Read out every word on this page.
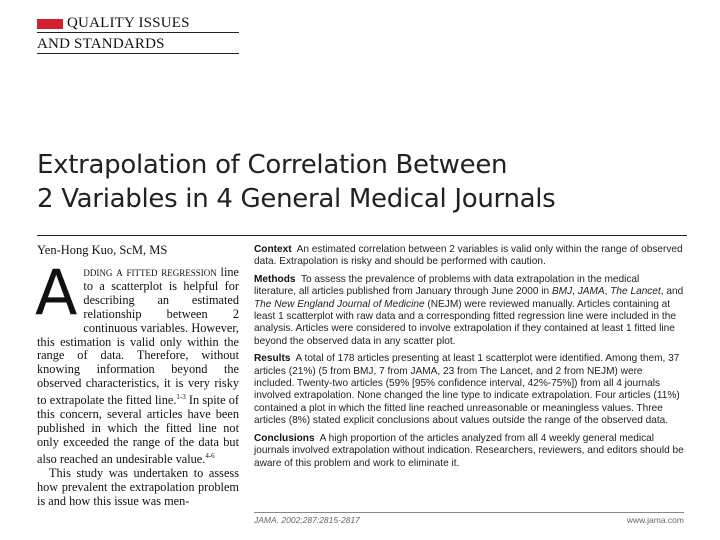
QUALITY ISSUES
AND STANDARDS
Extrapolation of Correlation Between
2 Variables in 4 General Medical Journals
Yen-Hong Kuo, ScM, MS

Adding a fitted regression line to a scatterplot is helpful for describing an estimated relationship between 2 continuous variables. However, this estimation is valid only within the range of data. Therefore, without knowing information beyond the observed characteristics, it is very risky to extrapolate the fitted line.$^{1-3}$ In spite of this concern, several articles have been published in which the fitted line not only exceeded the range of the data but also reached an undesirable value.$^{4-6}$

This study was undertaken to assess how prevalent the extrapolation problem is and how this issue was men-

Context An estimated correlation between 2 variables is valid only within the range of observed data. Extrapolation is risky and should be performed with caution.

Methods To assess the prevalence of problems with data extrapolation in the medical literature, all articles published from January through June 2000 in BMJ, JAMA, The Lancet, and The New England Journal of Medicine (NEJM) were reviewed manually. Articles containing at least 1 scatterplot with raw data and a corresponding fitted regression line were included in the analysis. Articles were considered to involve extrapolation if they contained at least 1 fitted line beyond the observed data in any scatter plot.

Results A total of 178 articles presenting at least 1 scatterplot were identified. Among them, 37 articles (21%) (5 from BMJ, 7 from JAMA, 23 from The Lancet, and 2 from NEJM) were included. Twenty-two articles (59% [95% confidence interval, 42%-75%]) from all 4 journals involved extrapolation. None changed the line type to indicate extrapolation. Four articles (11%) contained a plot in which the fitted line reached unreasonable or meaningless values. Three articles (8%) stated explicit conclusions about values outside the range of the observed data.

Conclusions A high proportion of the articles analyzed from all 4 weekly general medical journals involved extrapolation without indication. Researchers, reviewers, and editors should be aware of this problem and work to eliminate it.

JAMA. 2002;287:2815-2817	www.jama.com
